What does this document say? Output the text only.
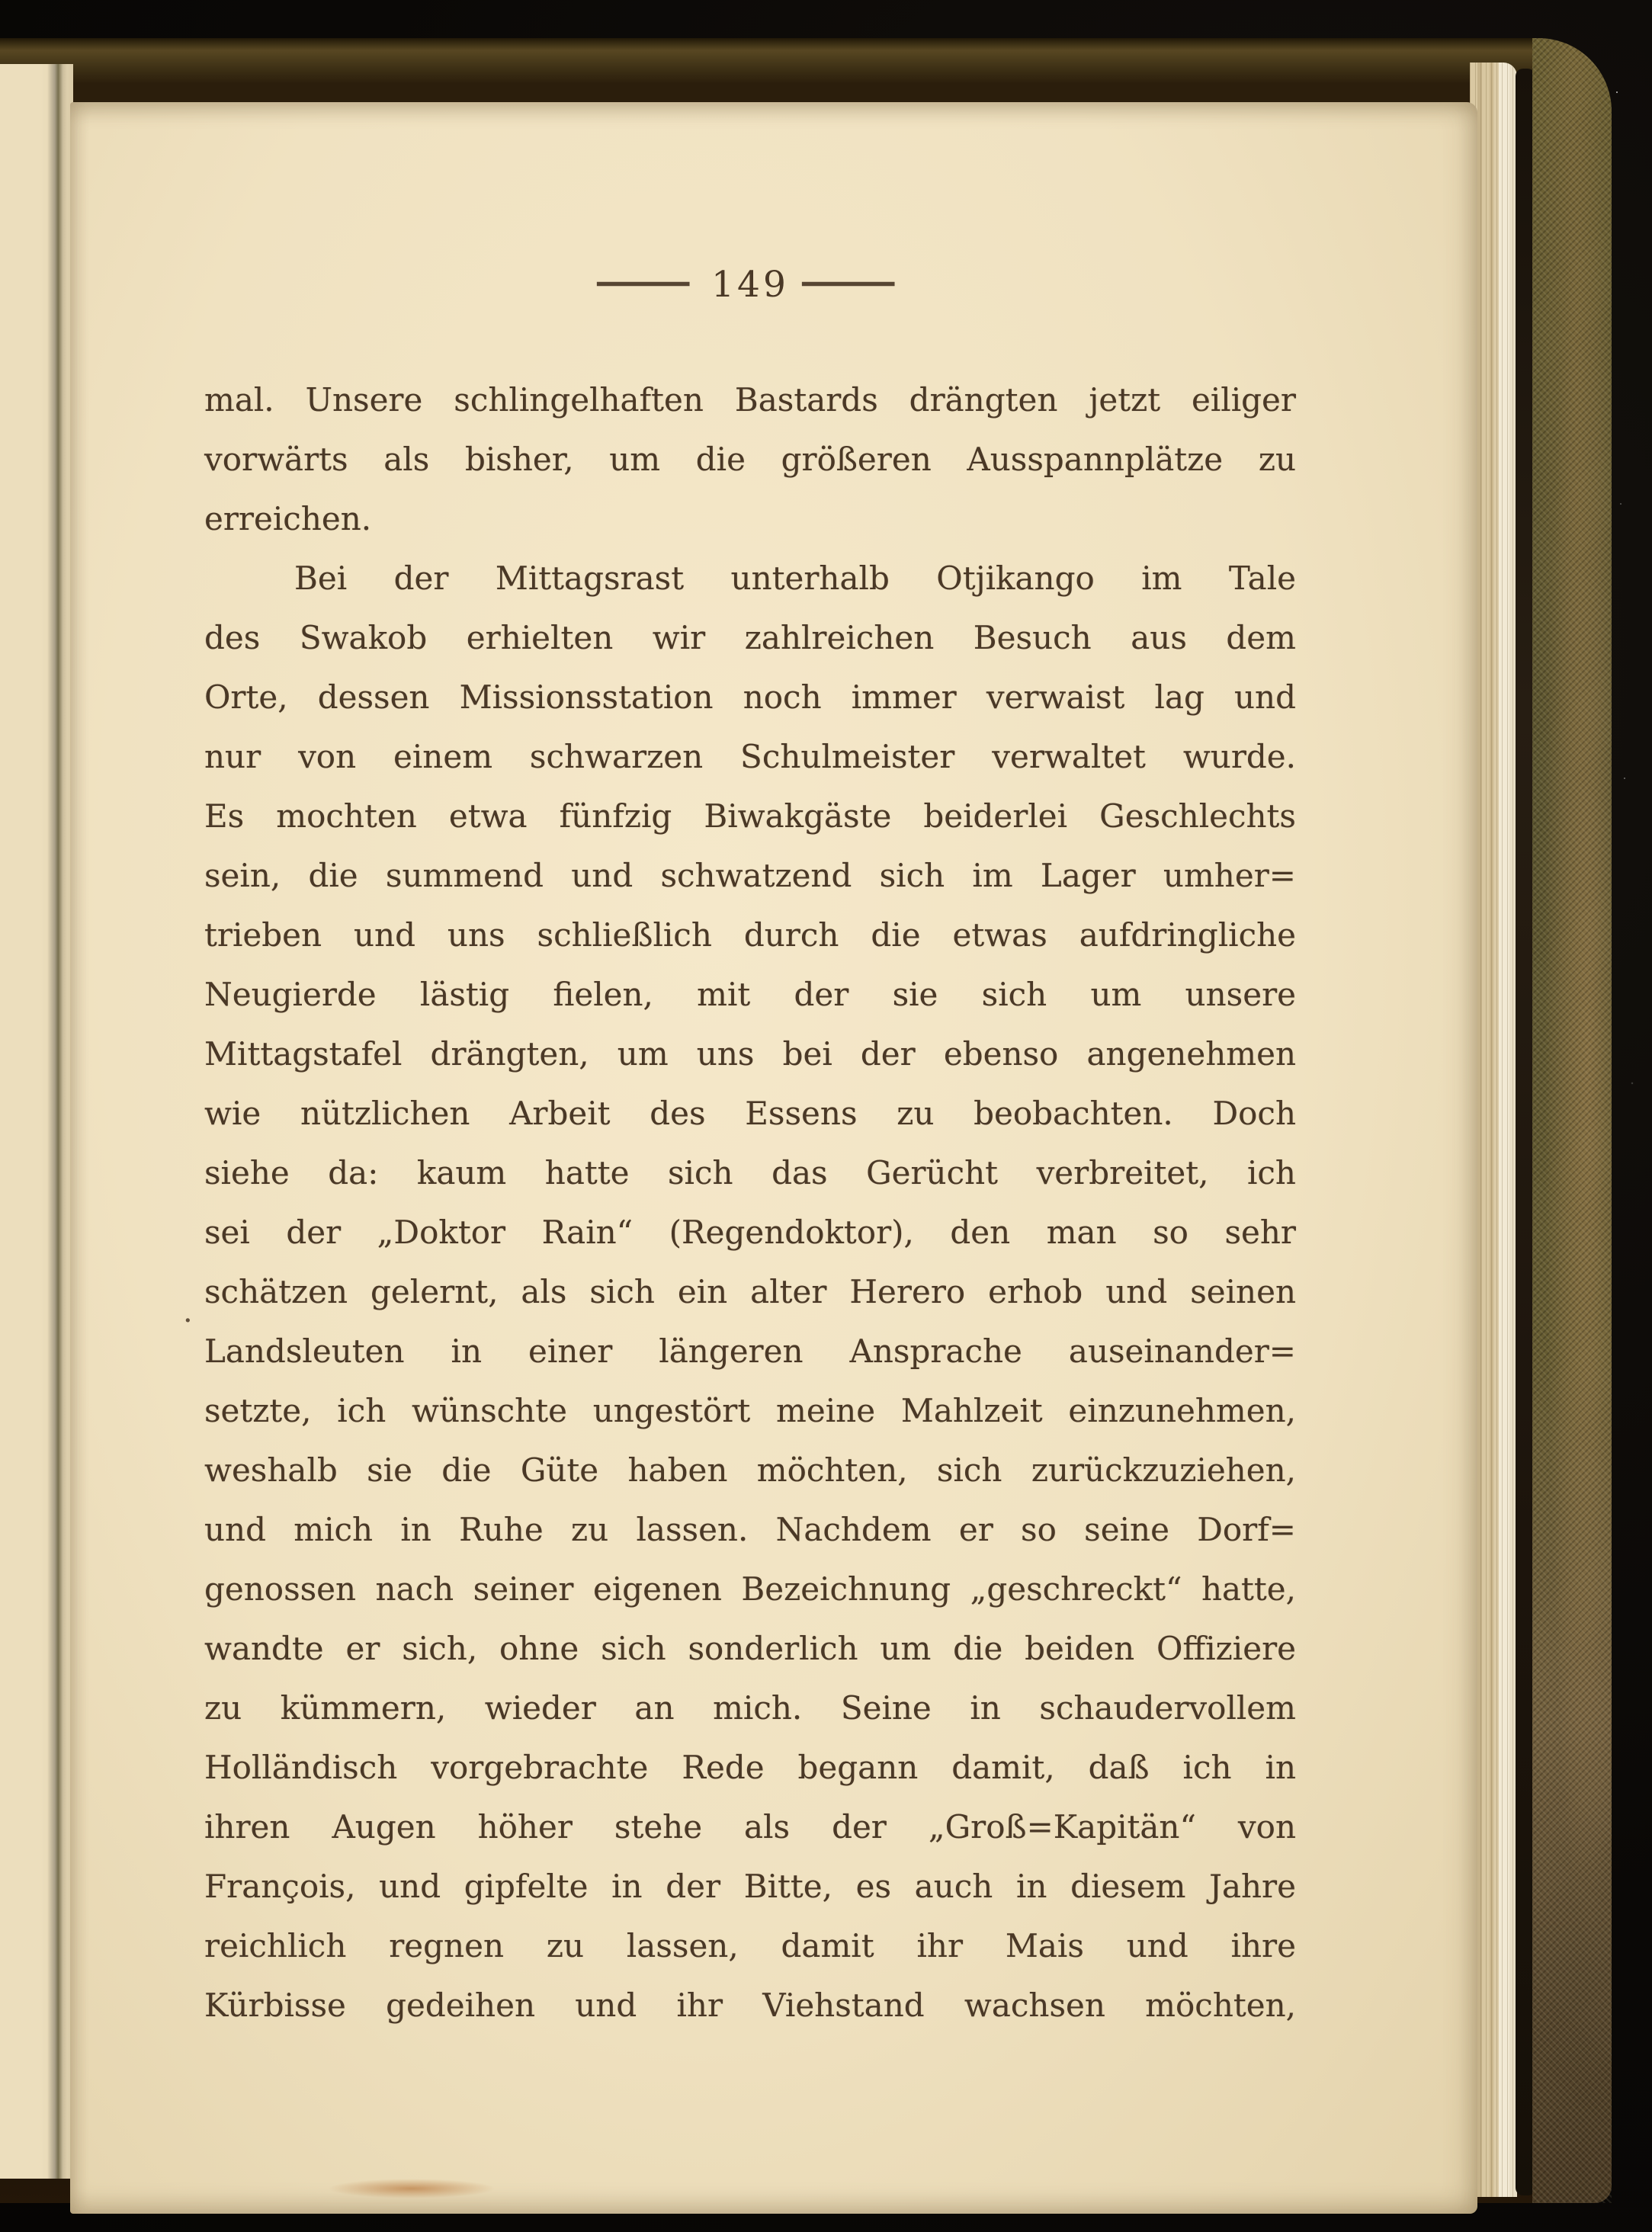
— 149 —
mal. Unsere schlingelhaften Bastards drängten jetzt eiliger
vorwärts als bisher, um die größeren Ausspannplätze zu
erreichen.
Bei der Mittagsrast unterhalb Otjikango im Tale
des Swakob erhielten wir zahlreichen Besuch aus dem
Orte, dessen Missionsstation noch immer verwaist lag und
nur von einem schwarzen Schulmeister verwaltet wurde.
Es mochten etwa fünfzig Biwakgäste beiderlei Geschlechts
sein, die summend und schwatzend sich im Lager umher=
trieben und uns schließlich durch die etwas aufdringliche
Neugierde lästig fielen, mit der sie sich um unsere
Mittagstafel drängten, um uns bei der ebenso angenehmen
wie nützlichen Arbeit des Essens zu beobachten. Doch
siehe da: kaum hatte sich das Gerücht verbreitet, ich
sei der „Doktor Rain“ (Regendoktor), den man so sehr
schätzen gelernt, als sich ein alter Herero erhob und seinen
Landsleuten in einer längeren Ansprache auseinander=
setzte, ich wünschte ungestört meine Mahlzeit einzunehmen,
weshalb sie die Güte haben möchten, sich zurückzuziehen,
und mich in Ruhe zu lassen. Nachdem er so seine Dorf=
genossen nach seiner eigenen Bezeichnung „geschreckt“ hatte,
wandte er sich, ohne sich sonderlich um die beiden Offiziere
zu kümmern, wieder an mich. Seine in schaudervollem
Holländisch vorgebrachte Rede begann damit, daß ich in
ihren Augen höher stehe als der „Groß=Kapitän“ von
François, und gipfelte in der Bitte, es auch in diesem Jahre
reichlich regnen zu lassen, damit ihr Mais und ihre
Kürbisse gedeihen und ihr Viehstand wachsen möchten,
·
